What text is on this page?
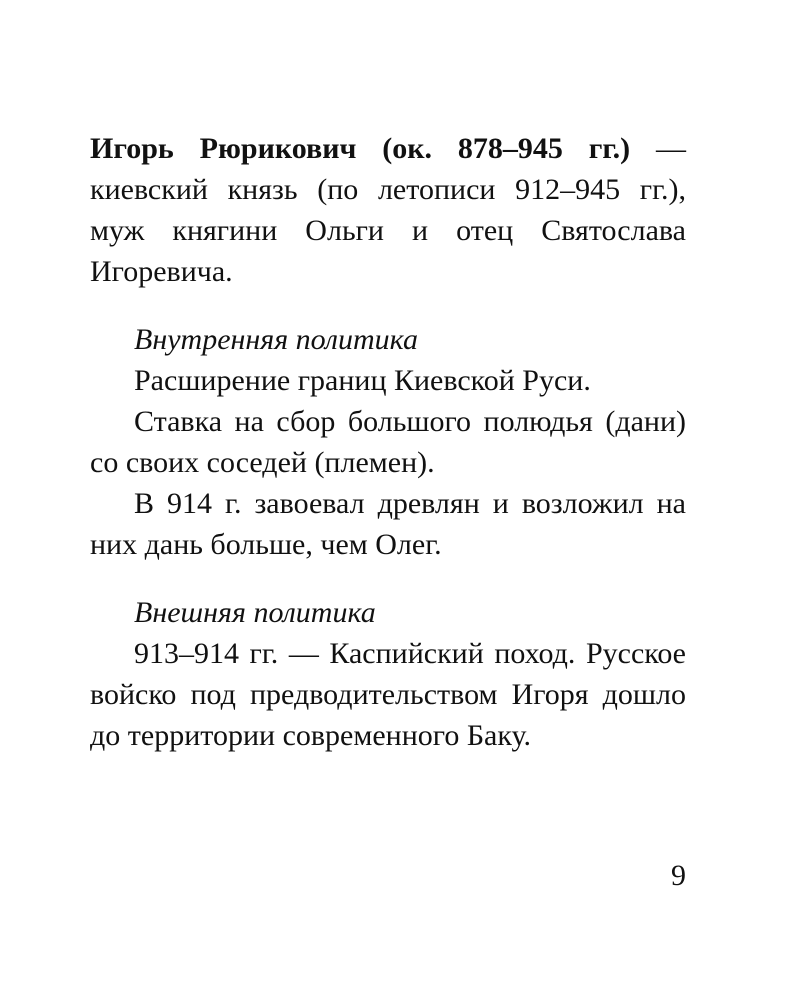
Игорь Рюрикович (ок. 878–945 гг.) — киевский князь (по летописи 912–945 гг.), муж княгини Ольги и отец Святослава Игоревича.

Внутренняя политика

Расширение границ Киевской Руси.

Ставка на сбор большого полюдья (дани) со своих соседей (племен).

В 914 г. завоевал древлян и возложил на них дань больше, чем Олег.

Внешняя политика

913–914 гг. — Каспийский поход. Русское войско под предводительством Игоря дошло до территории современного Баку.

9
